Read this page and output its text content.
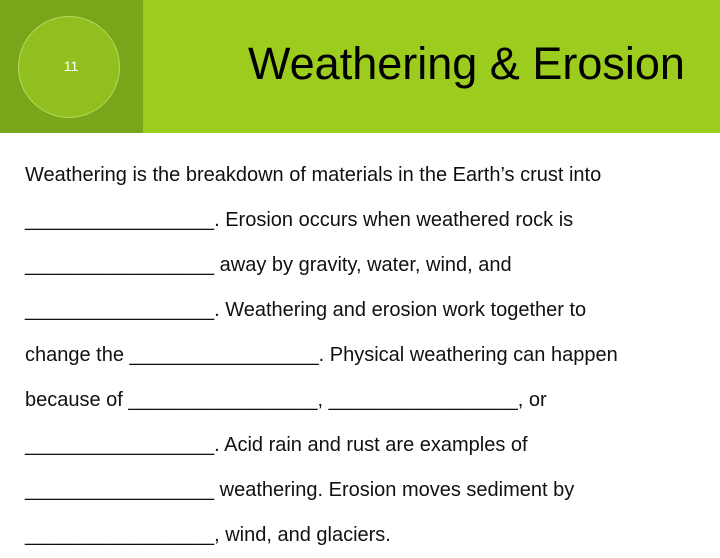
11	Weathering & Erosion
Weathering is the breakdown of materials in the Earth’s crust into
_________________. Erosion occurs when weathered rock is
_________________ away by gravity, water, wind, and
_________________. Weathering and erosion work together to
change the _________________. Physical weathering can happen
because of _________________, _________________, or
_________________. Acid rain and rust are examples of
_________________ weathering. Erosion moves sediment by
_________________, wind, and glaciers.
